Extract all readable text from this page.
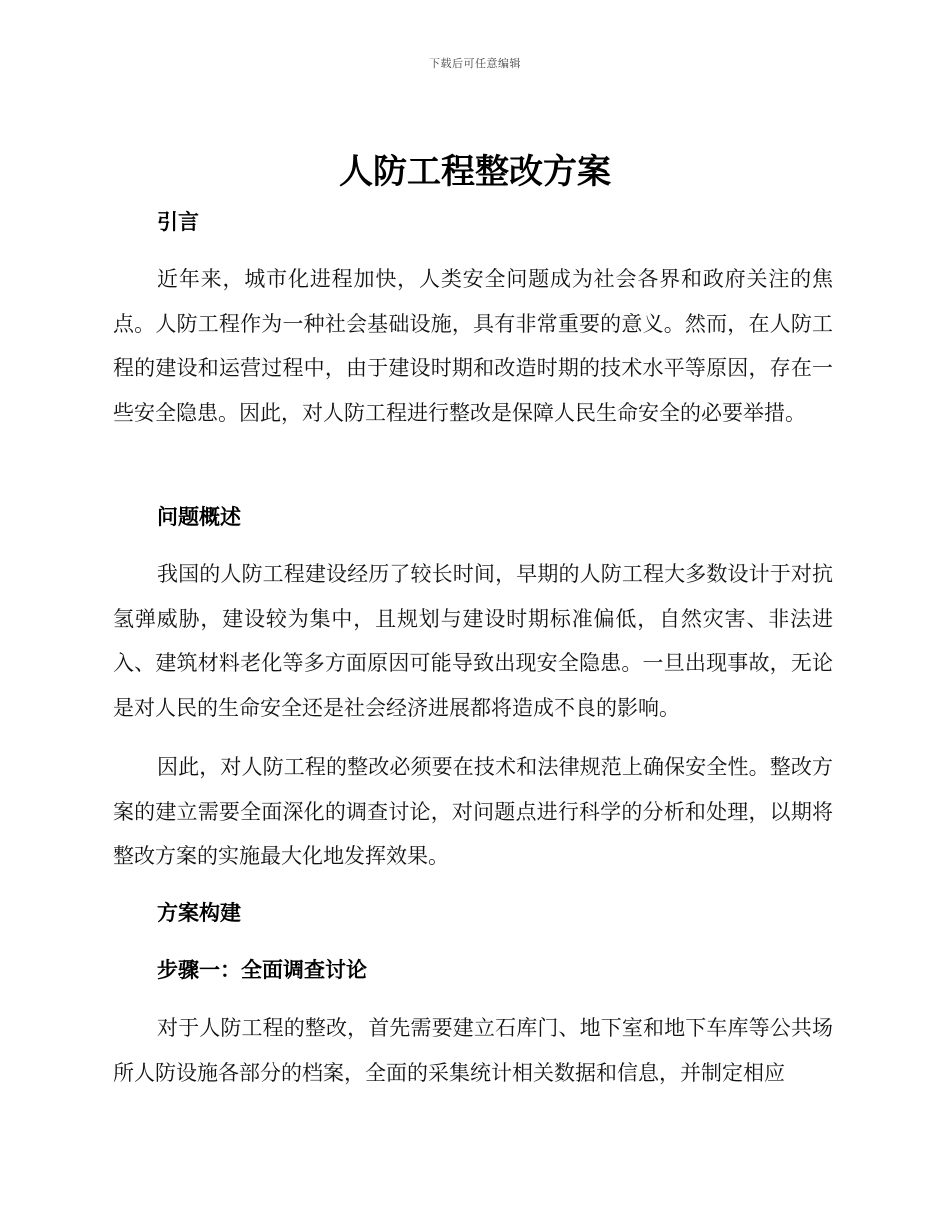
下载后可任意编辑
人防工程整改方案
引言

近年来，城市化进程加快，人类安全问题成为社会各界和政府关注的焦点。人防工程作为一种社会基础设施，具有非常重要的意义。然而，在人防工程的建设和运营过程中，由于建设时期和改造时期的技术水平等原因，存在一些安全隐患。因此，对人防工程进行整改是保障人民生命安全的必要举措。

问题概述

我国的人防工程建设经历了较长时间，早期的人防工程大多数设计于对抗氢弹威胁，建设较为集中，且规划与建设时期标准偏低，自然灾害、非法进入、建筑材料老化等多方面原因可能导致出现安全隐患。一旦出现事故，无论是对人民的生命安全还是社会经济进展都将造成不良的影响。

因此，对人防工程的整改必须要在技术和法律规范上确保安全性。整改方案的建立需要全面深化的调查讨论，对问题点进行科学的分析和处理，以期将整改方案的实施最大化地发挥效果。

方案构建
步骤一：全面调查讨论

对于人防工程的整改，首先需要建立石库门、地下室和地下车库等公共场所人防设施各部分的档案，全面的采集统计相关数据和信息，并制定相应
